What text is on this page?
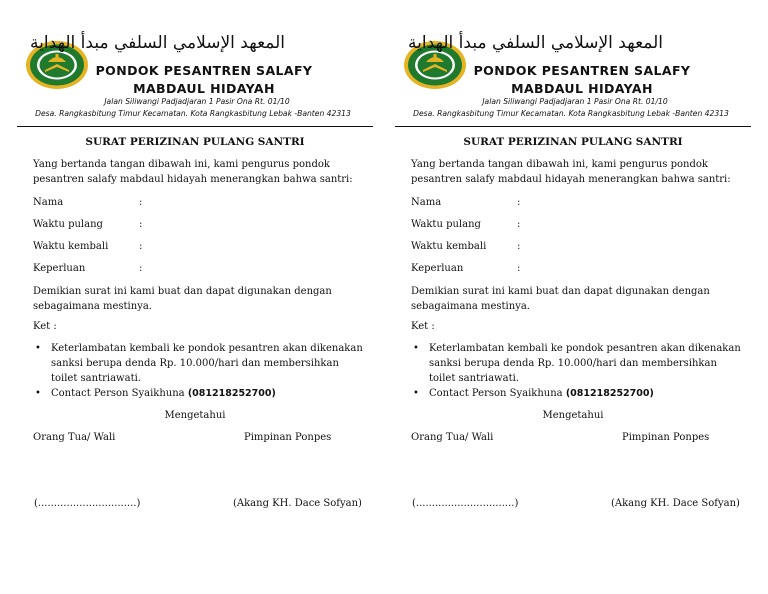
المعهد الإسلامي السلفي مبدأ الهداية
PONDOK PESANTREN SALAFY
MABDAUL HIDAYAH
Jalan Siliwangi Padjadjaran 1 Pasir Ona Rt. 01/10
Desa. Rangkasbitung Timur Kecamatan. Kota Rangkasbitung Lebak -Banten 42313
SURAT PERIZINAN PULANG SANTRI
Yang bertanda tangan dibawah ini, kami pengurus pondok pesantren salafy mabdaul hidayah menerangkan bahwa santri:
Nama	:
Waktu pulang	:
Waktu kembali	:
Keperluan	:
Demikian surat ini kami buat dan dapat digunakan dengan sebagaimana mestinya.
Ket :
• Keterlambatan kembali ke pondok pesantren akan dikenakan sanksi berupa denda Rp. 10.000/hari dan membersihkan toilet santriawati.
• Contact Person Syaikhuna (081218252700)
Mengetahui
Orang Tua/ Wali	Pimpinan Ponpes
(...............................)	(Akang KH. Dace Sofyan)
المعهد الإسلامي السلفي مبدأ الهداية
PONDOK PESANTREN SALAFY
MABDAUL HIDAYAH
Jalan Siliwangi Padjadjaran 1 Pasir Ona Rt. 01/10
Desa. Rangkasbitung Timur Kecamatan. Kota Rangkasbitung Lebak -Banten 42313
SURAT PERIZINAN PULANG SANTRI
Yang bertanda tangan dibawah ini, kami pengurus pondok pesantren salafy mabdaul hidayah menerangkan bahwa santri:
Nama	:
Waktu pulang	:
Waktu kembali	:
Keperluan	:
Demikian surat ini kami buat dan dapat digunakan dengan sebagaimana mestinya.
Ket :
• Keterlambatan kembali ke pondok pesantren akan dikenakan sanksi berupa denda Rp. 10.000/hari dan membersihkan toilet santriawati.
• Contact Person Syaikhuna (081218252700)
Mengetahui
Orang Tua/ Wali	Pimpinan Ponpes
(...............................)	(Akang KH. Dace Sofyan)
